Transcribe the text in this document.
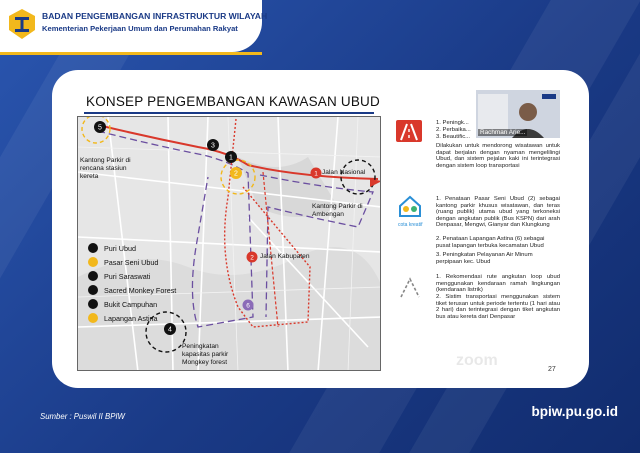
BADAN PENGEMBANGAN INFRASTRUKTUR WILAYAH
Kementerian Pekerjaan Umum dan Perumahan Rakyat
KONSEP PENGEMBANGAN KAWASAN UBUD
5
3
1
2	1
2
4
6
Kantong Parkir di rencana stasiun kereta
Jalan Nasional
Kantong Parkir di Ambengan
Jalan Kabupaten
Peningkatan kapasitas parkir Mongkey forest
Puri Ubud
Pasar Seni Ubud
Puri Saraswati
Sacred Monkey Forest
Bukit Campuhan
Lapangan Astina
1. Peningk...
2. Perbaika...
3. Beautific...
Dilakukan untuk mendorong wisatawan untuk dapat berjalan dengan nyaman mengelilingi Ubud, dan sistem pejalan kaki ini terintegrasi dengan sistem loop transportasi
cota kreatif
1. Penataan Pasar Seni Ubud (2) sebagai kantong parkir khusus wisatawan, dan teras (ruang publik) utama ubud yang terkoneksi dengan angkutan publik (Bus KSPN) dari arah Denpasar, Mengwi, Gianyar dan Klungkung
2. Penataan Lapangan Astina (6) sebagai pusat lapangan terbuka kecamatan Ubud
3. Peningkatan Pelayanan Air Minum perpipaan kec. Ubud
1. Rekomendasi rute angkutan loop ubud menggunakan kendaraan ramah lingkungan (kendaraan listrik)
2. Sistim transportasi menggunakan sistem tiket terusan untuk periode tertentu (1 hari atau 2 hari) dan terintegrasi dengan tiket angkutan bus atau kereta dari Denpasar
Rachman Arie...
zoom
27
Sumber : Puswil II BPIW	bpiw.pu.go.id
